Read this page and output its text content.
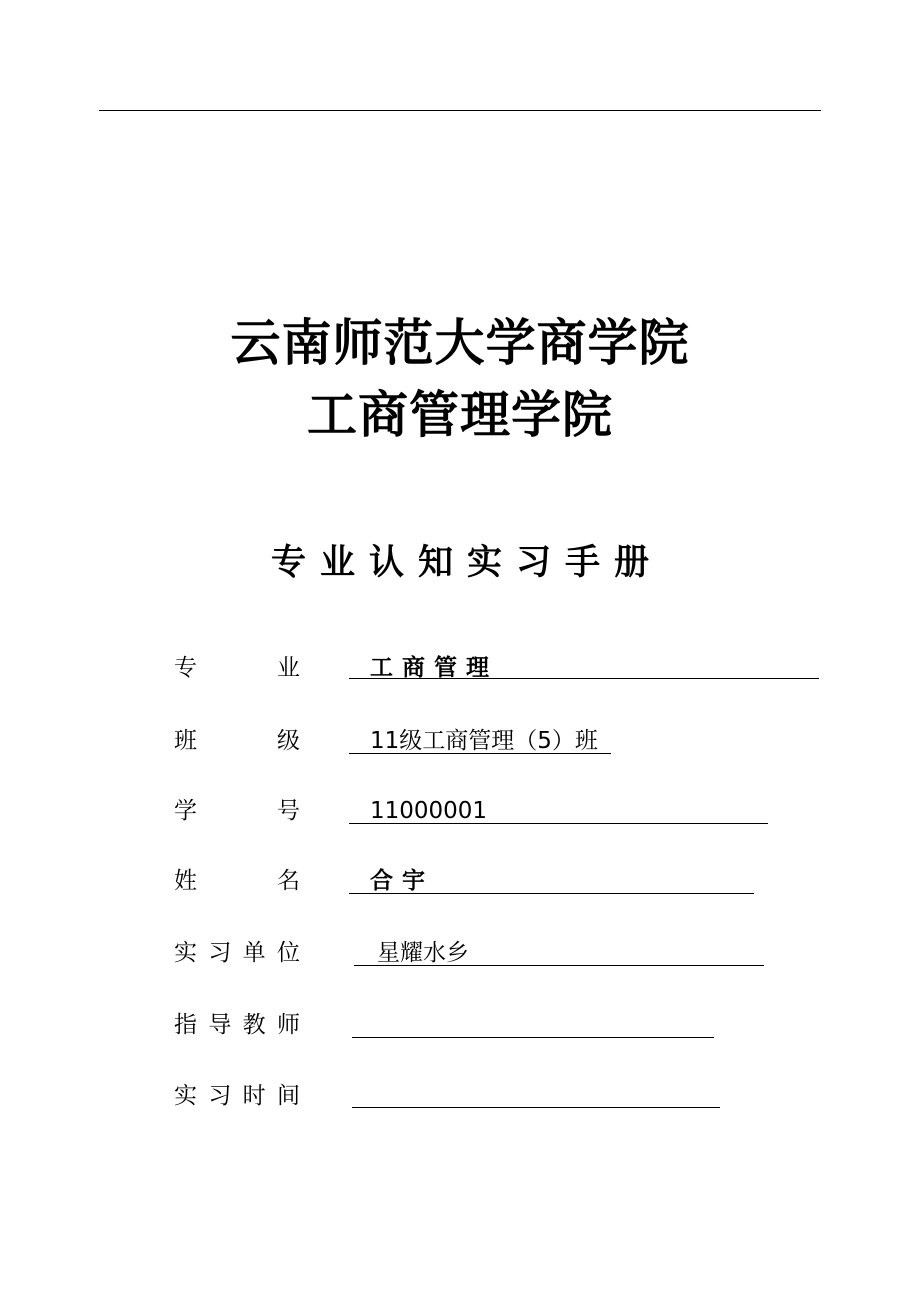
云南师范大学商学院
工商管理学院
专业认知实习手册
专	业	工商管理
班	级	11级工商管理（5）班
学	号	11000001
姓	名	合宇
实 习 单 位	星耀水乡
指 导 教 师
实 习 时 间
